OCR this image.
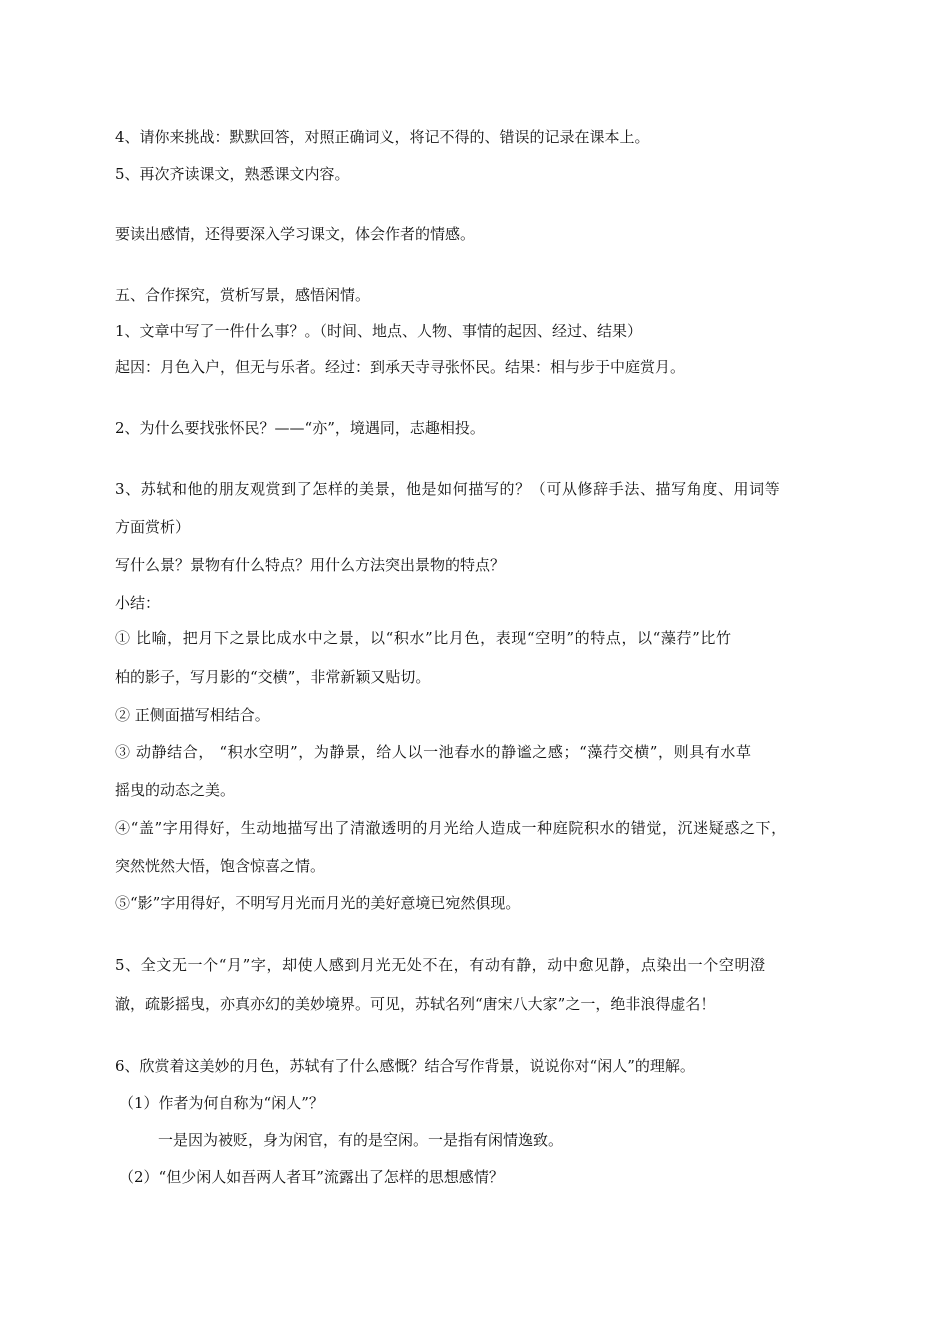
4、请你来挑战：默默回答，对照正确词义，将记不得的、错误的记录在课本上。
5、再次齐读课文，熟悉课文内容。
要读出感情，还得要深入学习课文，体会作者的情感。
五、合作探究，赏析写景，感悟闲情。
1、文章中写了一件什么事？。（时间、地点、人物、事情的起因、经过、结果）
起因：月色入户，但无与乐者。经过：到承天寺寻张怀民。结果：相与步于中庭赏月。
2、为什么要找张怀民？——“亦”，境遇同，志趣相投。
3、苏轼和他的朋友观赏到了怎样的美景，他是如何描写的？（可从修辞手法、描写角度、用词等
方面赏析）
写什么景？景物有什么特点？用什么方法突出景物的特点？
小结：
① 比喻，把月下之景比成水中之景，以“积水”比月色，表现“空明”的特点，以“藻荇”比竹
柏的影子，写月影的“交横”，非常新颖又贴切。
② 正侧面描写相结合。
③ 动静结合， “积水空明”，为静景，给人以一池春水的静谧之感；“藻荇交横”，则具有水草
摇曳的动态之美。
④“盖”字用得好，生动地描写出了清澈透明的月光给人造成一种庭院积水的错觉，沉迷疑惑之下，
突然恍然大悟，饱含惊喜之情。
⑤“影”字用得好，不明写月光而月光的美好意境已宛然俱现。
5、全文无一个“月”字，却使人感到月光无处不在，有动有静，动中愈见静，点染出一个空明澄
澈，疏影摇曳，亦真亦幻的美妙境界。可见，苏轼名列“唐宋八大家”之一，绝非浪得虚名！
6、欣赏着这美妙的月色，苏轼有了什么感慨？结合写作背景，说说你对“闲人”的理解。
（1）作者为何自称为“闲人”？
一是因为被贬，身为闲官，有的是空闲。一是指有闲情逸致。
（2）“但少闲人如吾两人者耳”流露出了怎样的思想感情？
